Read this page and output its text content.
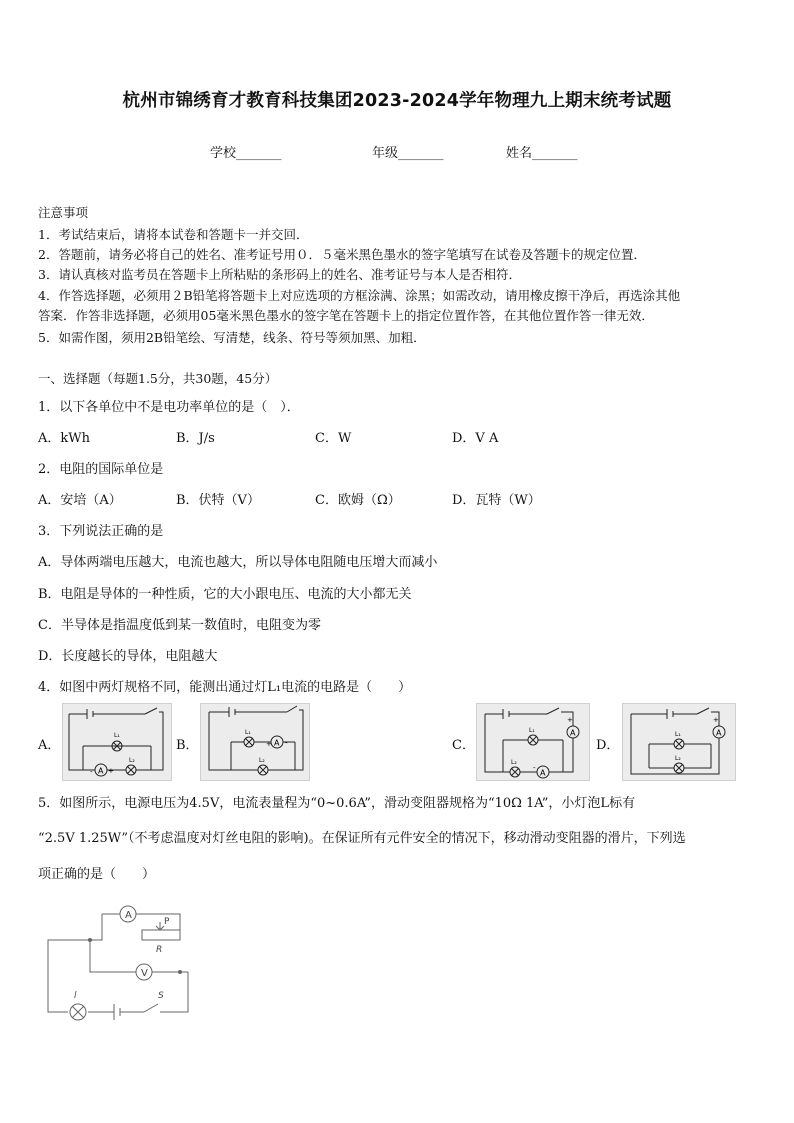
杭州市锦绣育才教育科技集团2023-2024学年物理九上期末统考试题
学校_______	年级_______	姓名_______
注意事项
1．考试结束后，请将本试卷和答题卡一并交回．
2．答题前，请务必将自己的姓名、准考证号用０．５毫米黑色墨水的签字笔填写在试卷及答题卡的规定位置．
3．请认真核对监考员在答题卡上所粘贴的条形码上的姓名、准考证号与本人是否相符．
4．作答选择题，必须用２B铅笔将答题卡上对应选项的方框涂满、涂黑；如需改动，请用橡皮擦干净后，再选涂其他
答案．作答非选择题，必须用05毫米黑色墨水的签字笔在答题卡上的指定位置作答，在其他位置作答一律无效．
5．如需作图，须用2B铅笔绘、写清楚，线条、符号等须加黑、加粗．
一、选择题（每题1.5分，共30题，45分）
1．以下各单位中不是电功率单位的是（　）．
A．kWh	B．J/s	C．W	D．V A
2．电阻的国际单位是
A．安培（A）	B．伏特（V）	C．欧姆（Ω）	D．瓦特（W）
3．下列说法正确的是
A．导体两端电压越大，电流也越大，所以导体电阻随电压增大而减小
B．电阻是导体的一种性质，它的大小跟电压、电流的大小都无关
C．半导体是指温度低到某一数值时，电阻变为零
D．长度越长的导体，电阻越大
4．如图中两灯规格不同，能测出通过灯L₁电流的电路是（　　）
A．	B．	C．	D．
A
- +
L₁
L₂
A
+ -
L₁
L₂
A
A
+
-
L₁
L₂
A
+
L₁
L₂
5．如图所示，电源电压为4.5V，电流表量程为“0~0.6A”，滑动变阻器规格为“10Ω 1A”，小灯泡L标有
“2.5V 1.25W”（不考虑温度对灯丝电阻的影响)。在保证所有元件安全的情况下，移动滑动变阻器的滑片，下列选
项正确的是（　　）
A
V
P
R
l	S
